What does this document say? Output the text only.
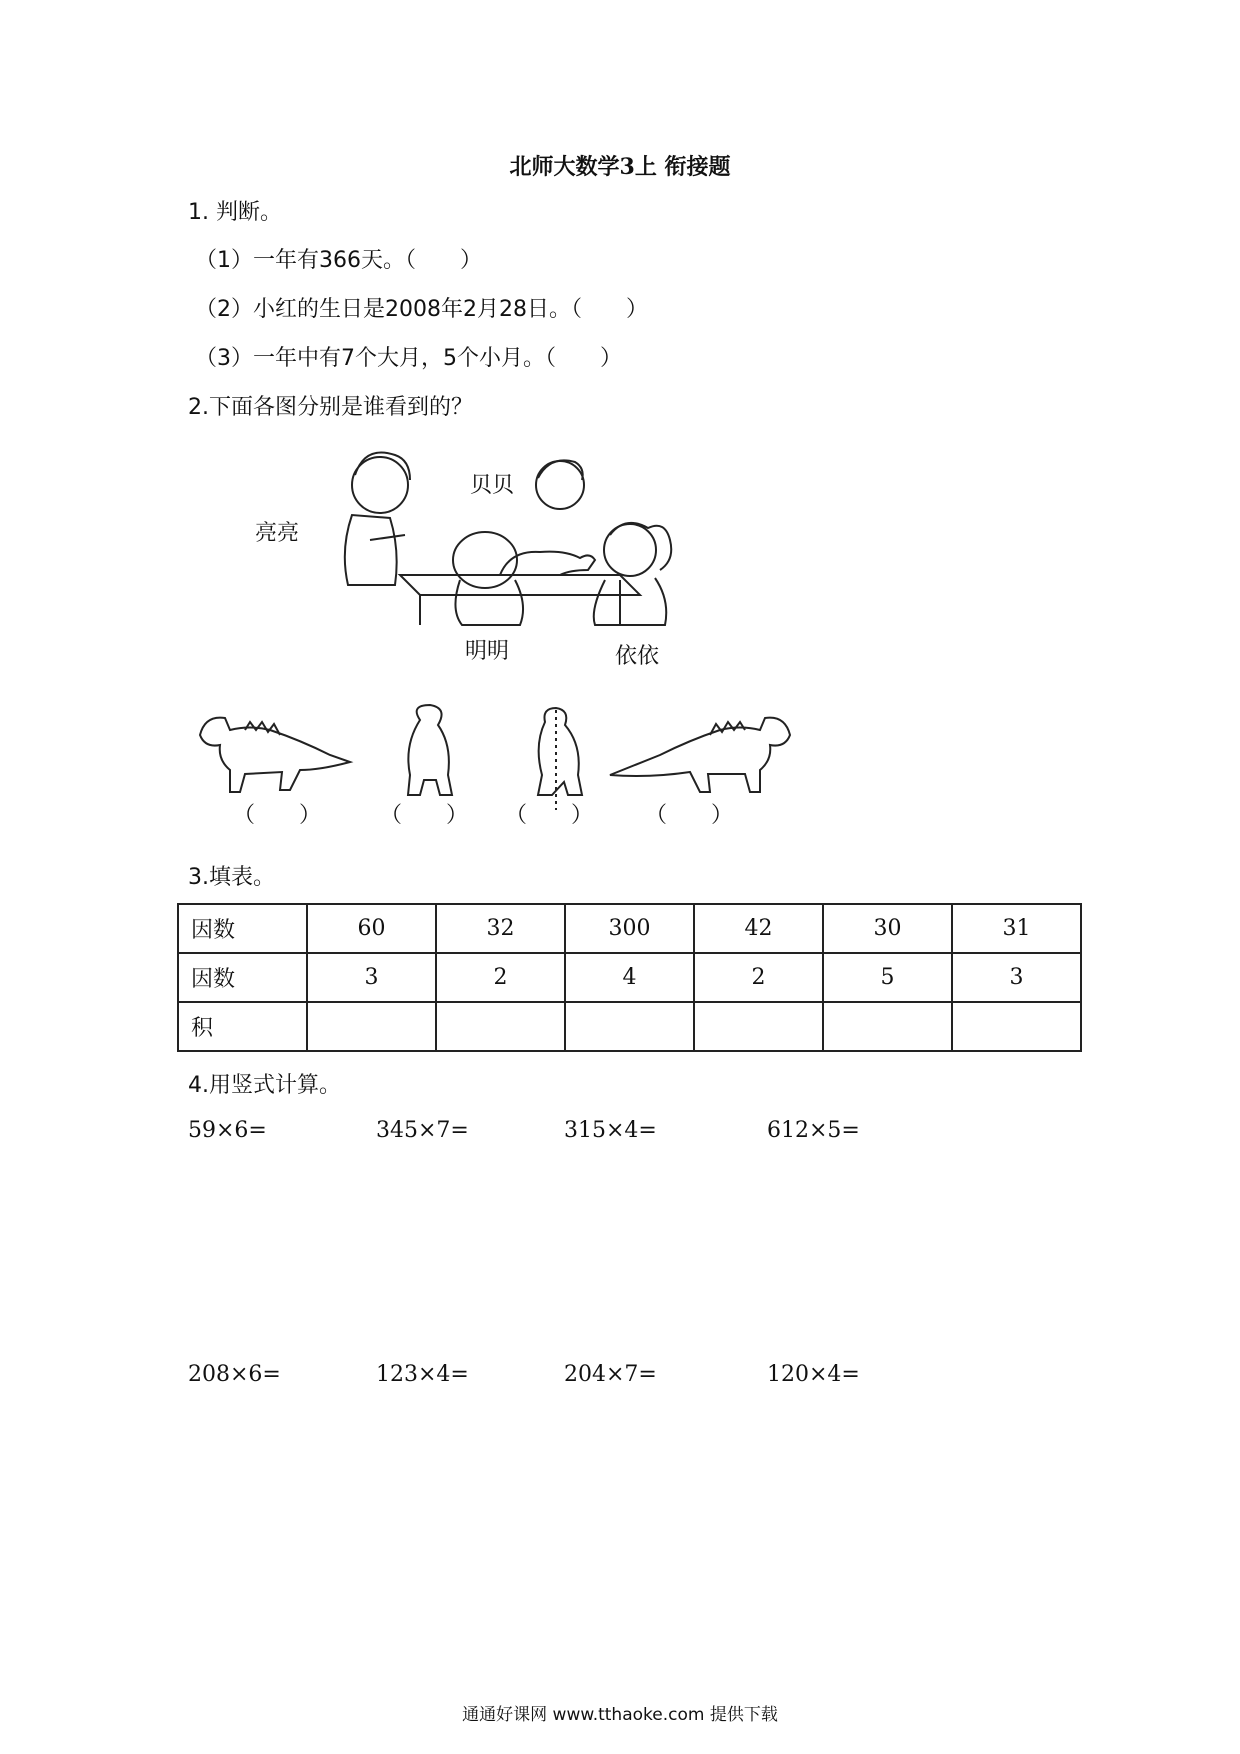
北师大数学3上 衔接题
1. 判断。
（1）一年有366天。（　　）
（2）小红的生日是2008年2月28日。（　　）
（3）一年中有7个大月，5个小月。（　　）
2.下面各图分别是谁看到的？
亮亮
贝贝
明明	依依
（　　）	（　　） （　　） （　　）
3.填表。
因数	60	32	300	42	30	31
因数	3	2	4	2	5	3
积						
4.用竖式计算。
59×6=	345×7=	315×4=	612×5=
208×6=	123×4=	204×7=	120×4=
通通好课网 www.tthaoke.com 提供下载
